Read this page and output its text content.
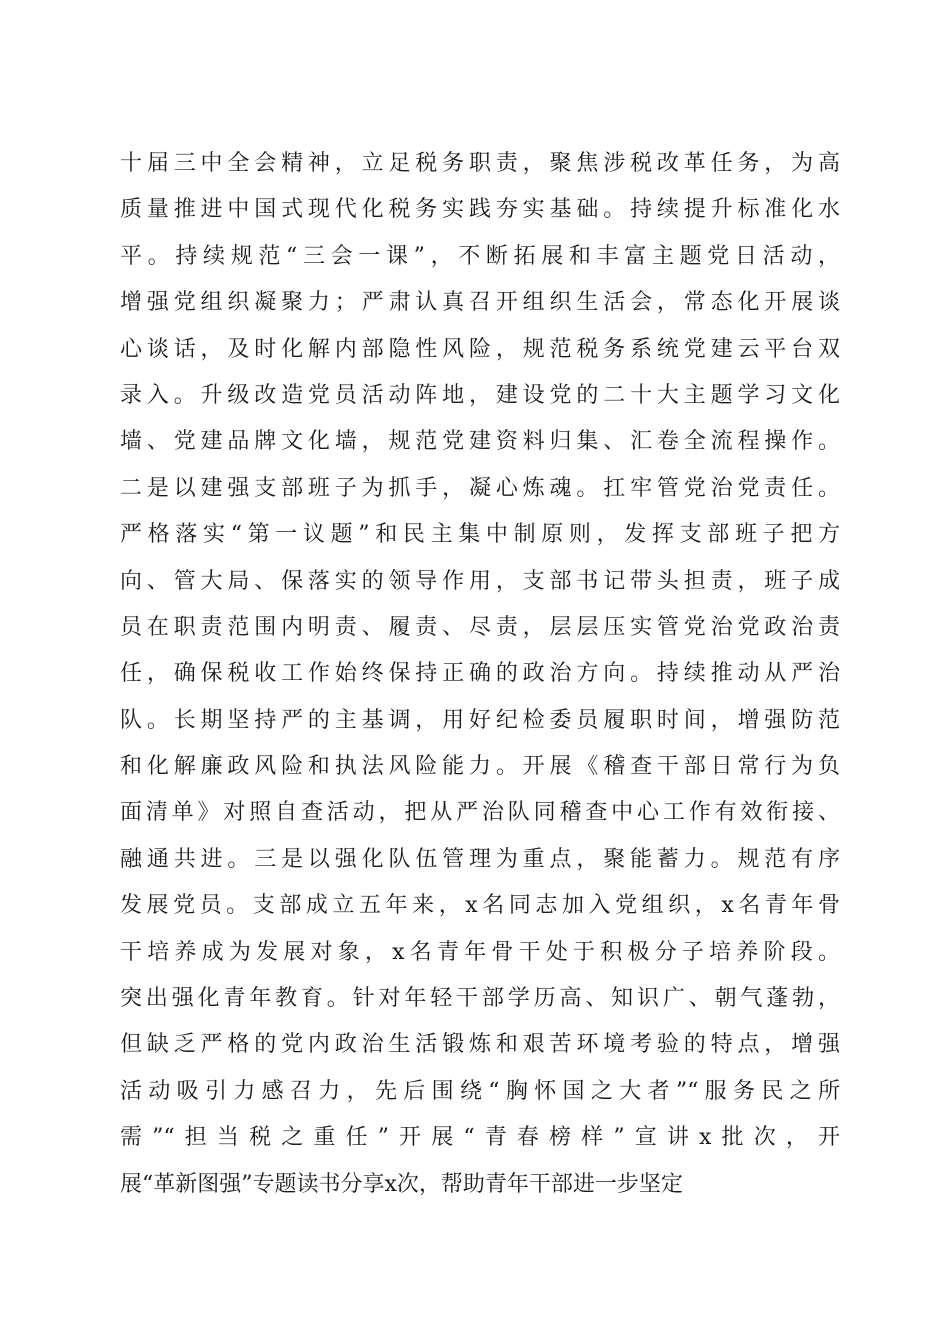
十届三中全会精神，立足税务职责，聚焦涉税改革任务，为高
质量推进中国式现代化税务实践夯实基础。持续提升标准化水
平。持续规范“三会一课”，不断拓展和丰富主题党日活动，
增强党组织凝聚力；严肃认真召开组织生活会，常态化开展谈
心谈话，及时化解内部隐性风险，规范税务系统党建云平台双
录入。升级改造党员活动阵地，建设党的二十大主题学习文化
墙、党建品牌文化墙，规范党建资料归集、汇卷全流程操作。
二是以建强支部班子为抓手，凝心炼魂。扛牢管党治党责任。
严格落实“第一议题”和民主集中制原则，发挥支部班子把方
向、管大局、保落实的领导作用，支部书记带头担责，班子成
员在职责范围内明责、履责、尽责，层层压实管党治党政治责
任，确保税收工作始终保持正确的政治方向。持续推动从严治
队。长期坚持严的主基调，用好纪检委员履职时间，增强防范
和化解廉政风险和执法风险能力。开展《稽查干部日常行为负
面清单》对照自查活动，把从严治队同稽查中心工作有效衔接、
融通共进。三是以强化队伍管理为重点，聚能蓄力。规范有序
发展党员。支部成立五年来，x名同志加入党组织，x名青年骨
干培养成为发展对象，x名青年骨干处于积极分子培养阶段。
突出强化青年教育。针对年轻干部学历高、知识广、朝气蓬勃，
但缺乏严格的党内政治生活锻炼和艰苦环境考验的特点，增强
活动吸引力感召力，先后围绕“胸怀国之大者”“服务民之所
需”“担当税之重任”开展“青春榜样”宣讲x批次，开
展“革新图强”专题读书分享x次，帮助青年干部进一步坚定
